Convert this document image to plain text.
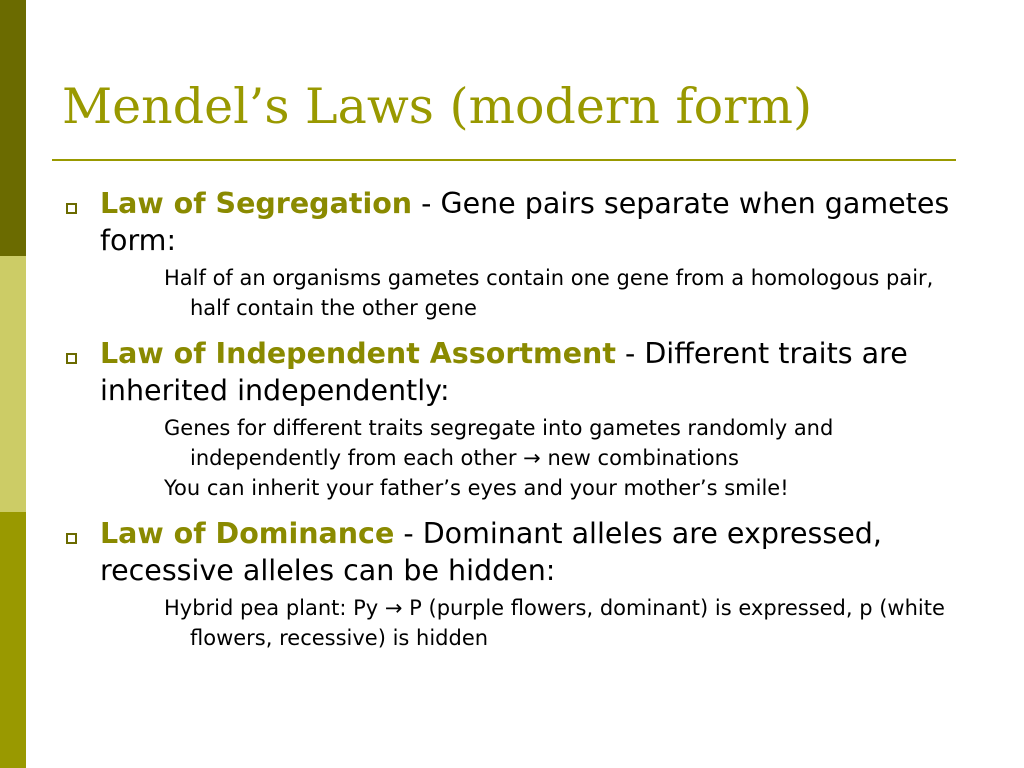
Mendel’s Laws (modern form)
Law of Segregation - Gene pairs separate when gametes form:
Half of an organisms gametes contain one gene from a homologous pair, half contain the other gene
Law of Independent Assortment - Different traits are inherited independently:
Genes for different traits segregate into gametes randomly and independently from each other → new combinations
You can inherit your father’s eyes and your mother’s smile!
Law of Dominance - Dominant alleles are expressed, recessive alleles can be hidden:
Hybrid pea plant: Py → P (purple flowers, dominant) is expressed, p (white flowers, recessive) is hidden
